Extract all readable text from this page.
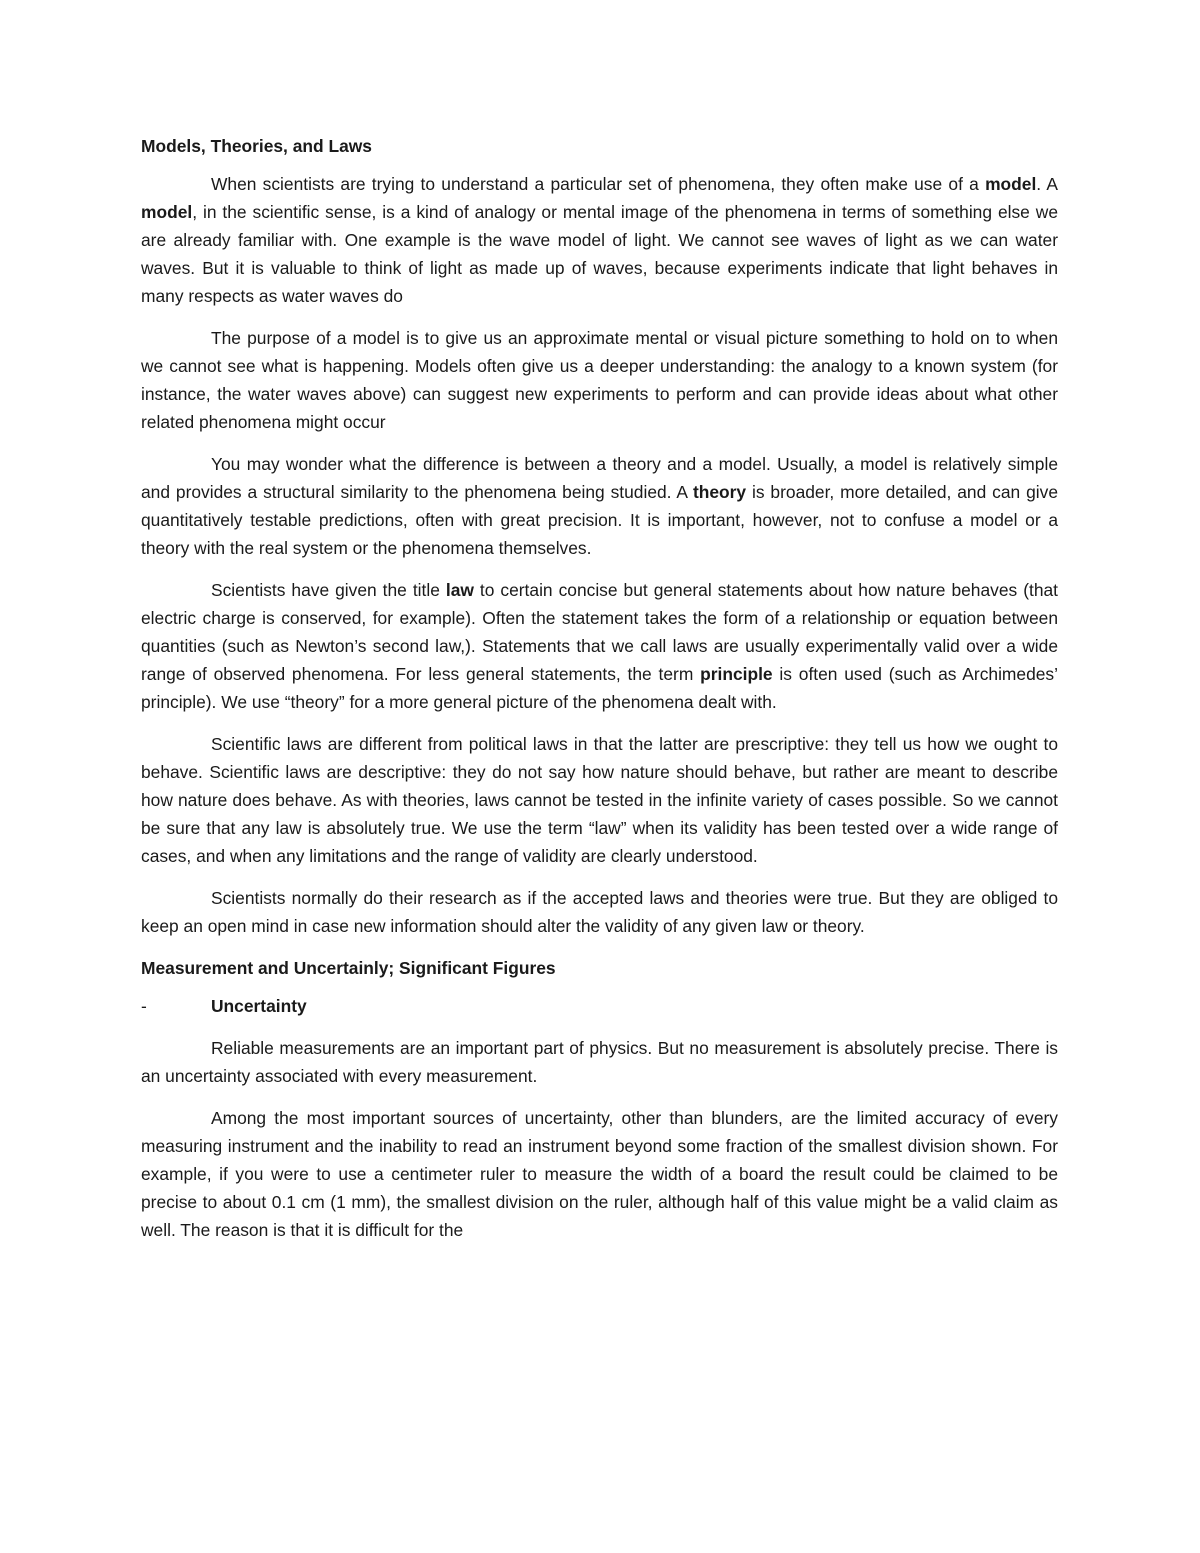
Models, Theories, and Laws

When scientists are trying to understand a particular set of phenomena, they often make use of a model. A model, in the scientific sense, is a kind of analogy or mental image of the phenomena in terms of something else we are already familiar with. One example is the wave model of light. We cannot see waves of light as we can water waves. But it is valuable to think of light as made up of waves, because experiments indicate that light behaves in many respects as water waves do

The purpose of a model is to give us an approximate mental or visual picture something to hold on to when we cannot see what is happening. Models often give us a deeper understanding: the analogy to a known system (for instance, the water waves above) can suggest new experiments to perform and can provide ideas about what other related phenomena might occur

You may wonder what the difference is between a theory and a model. Usually, a model is relatively simple and provides a structural similarity to the phenomena being studied. A theory is broader, more detailed, and can give quantitatively testable predictions, often with great precision. It is important, however, not to confuse a model or a theory with the real system or the phenomena themselves.

Scientists have given the title law to certain concise but general statements about how nature behaves (that electric charge is conserved, for example). Often the statement takes the form of a relationship or equation between quantities (such as Newton’s second law,). Statements that we call laws are usually experimentally valid over a wide range of observed phenomena. For less general statements, the term principle is often used (such as Archimedes’ principle). We use “theory” for a more general picture of the phenomena dealt with.

Scientific laws are different from political laws in that the latter are prescriptive: they tell us how we ought to behave. Scientific laws are descriptive: they do not say how nature should behave, but rather are meant to describe how nature does behave. As with theories, laws cannot be tested in the infinite variety of cases possible. So we cannot be sure that any law is absolutely true. We use the term “law” when its validity has been tested over a wide range of cases, and when any limitations and the range of validity are clearly understood.

Scientists normally do their research as if the accepted laws and theories were true. But they are obliged to keep an open mind in case new information should alter the validity of any given law or theory.

Measurement and Uncertainly; Significant Figures
-	Uncertainty

Reliable measurements are an important part of physics. But no measurement is absolutely precise. There is an uncertainty associated with every measurement.

Among the most important sources of uncertainty, other than blunders, are the limited accuracy of every measuring instrument and the inability to read an instrument beyond some fraction of the smallest division shown. For example, if you were to use a centimeter ruler to measure the width of a board the result could be claimed to be precise to about 0.1 cm (1 mm), the smallest division on the ruler, although half of this value might be a valid claim as well. The reason is that it is difficult for the
